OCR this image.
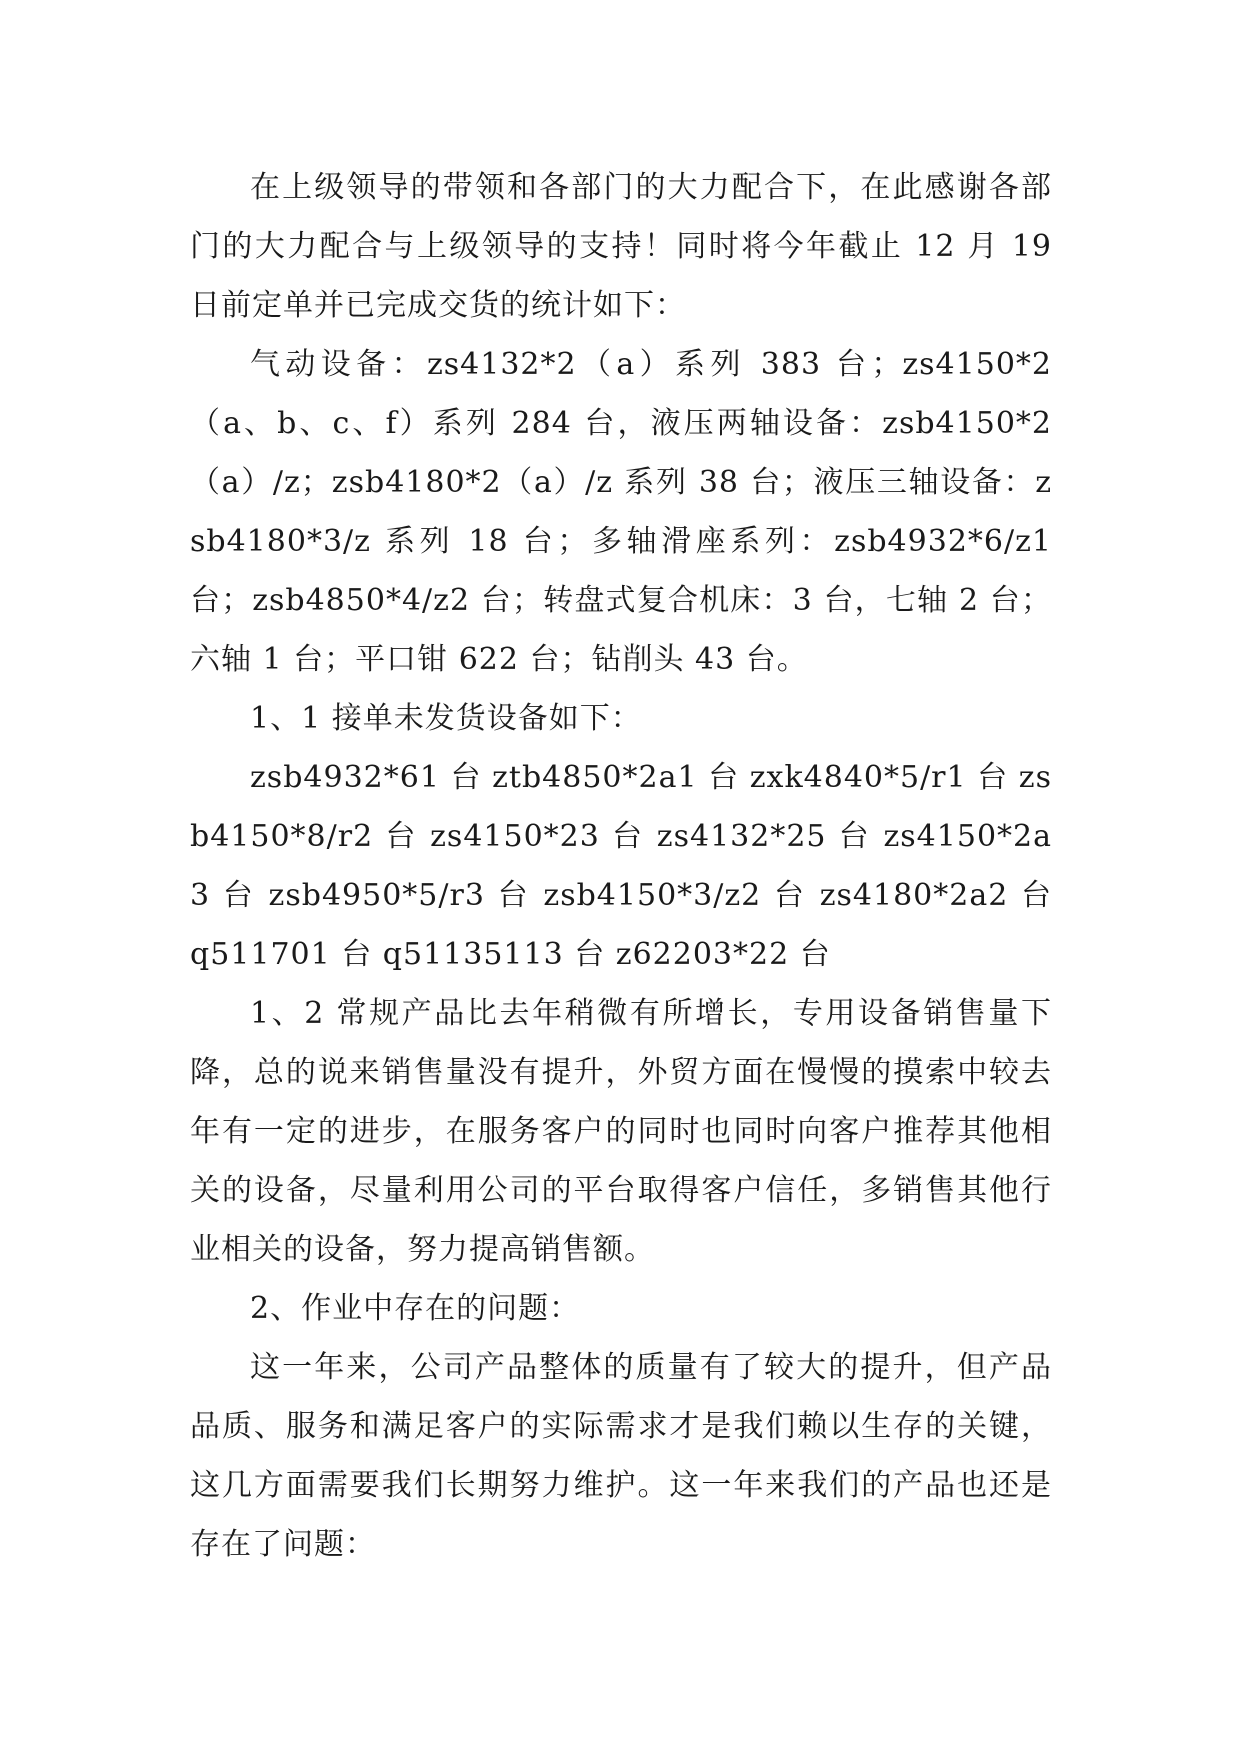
在上级领导的带领和各部门的大力配合下，在此感谢各部门的大力配合与上级领导的支持！同时将今年截止 12 月 19 日前定单并已完成交货的统计如下：

气动设备：zs4132*2（a）系列 383 台；zs4150*2（a、b、c、f）系列 284 台，液压两轴设备：zsb4150*2（a）/z；zsb4180*2（a）/z 系列 38 台；液压三轴设备：zsb4180*3/z 系列 18 台；多轴滑座系列：zsb4932*6/z1 台；zsb4850*4/z2 台；转盘式复合机床：3 台，七轴 2 台；六轴 1 台；平口钳 622 台；钻削头 43 台。

1、1 接单未发货设备如下：

zsb4932*61 台 ztb4850*2a1 台 zxk4840*5/r1 台 zsb4150*8/r2 台 zs4150*23 台 zs4132*25 台 zs4150*2a3 台 zsb4950*5/r3 台 zsb4150*3/z2 台 zs4180*2a2 台 q511701 台 q51135113 台 z62203*22 台

1、2 常规产品比去年稍微有所增长，专用设备销售量下降，总的说来销售量没有提升，外贸方面在慢慢的摸索中较去年有一定的进步，在服务客户的同时也同时向客户推荐其他相关的设备，尽量利用公司的平台取得客户信任，多销售其他行业相关的设备，努力提高销售额。

2、作业中存在的问题：

这一年来，公司产品整体的质量有了较大的提升，但产品品质、服务和满足客户的实际需求才是我们赖以生存的关键，这几方面需要我们长期努力维护。这一年来我们的产品也还是存在了问题：
